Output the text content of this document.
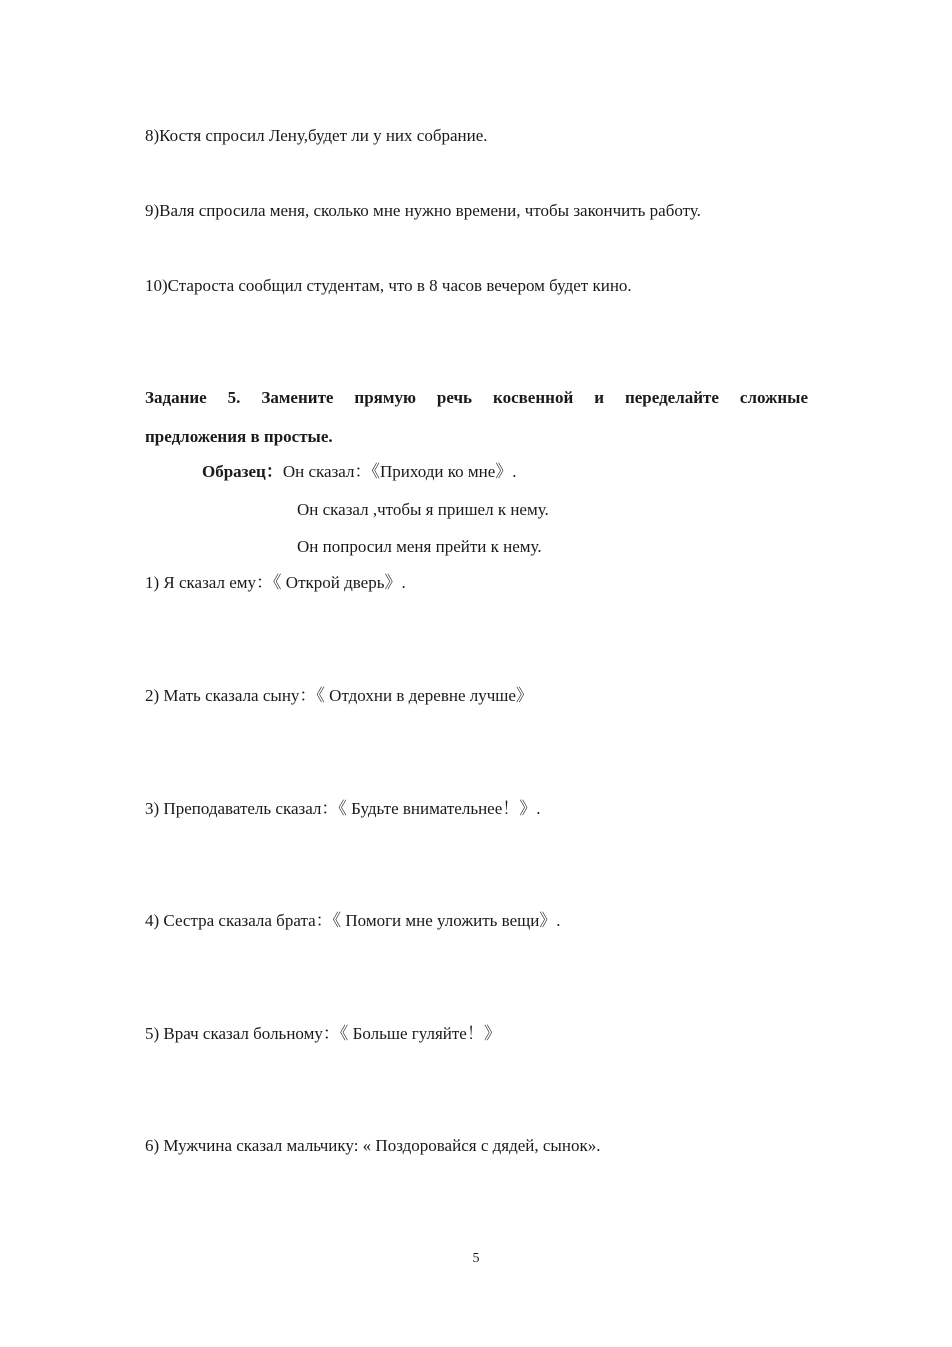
8)Костя спросил Лену,будет ли у них собрание.
9)Валя спросила меня, сколько мне нужно времени, чтобы закончить работу.
10)Староста сообщил студентам, что в 8 часов вечером будет кино.
Задание 5. Замените прямую речь косвенной и переделайте сложные
предложения в простые.
Образец：Он сказал：《Приходи ко мне》.
Он сказал ,чтобы я пришел к нему.
Он попросил меня прейти к нему.
1) Я сказал ему：《 Открой дверь》.
2) Мать сказала сыну：《 Отдохни в деревне лучше》
3) Преподаватель сказал：《 Будьте внимательнее！》.
4) Сестра сказала брата：《 Помоги мне уложить вещи》.
5) Врач сказал больному：《 Больше гуляйте！》
6) Мужчина сказал мальчику: « Поздоровайся с дядей, сынок».
5
